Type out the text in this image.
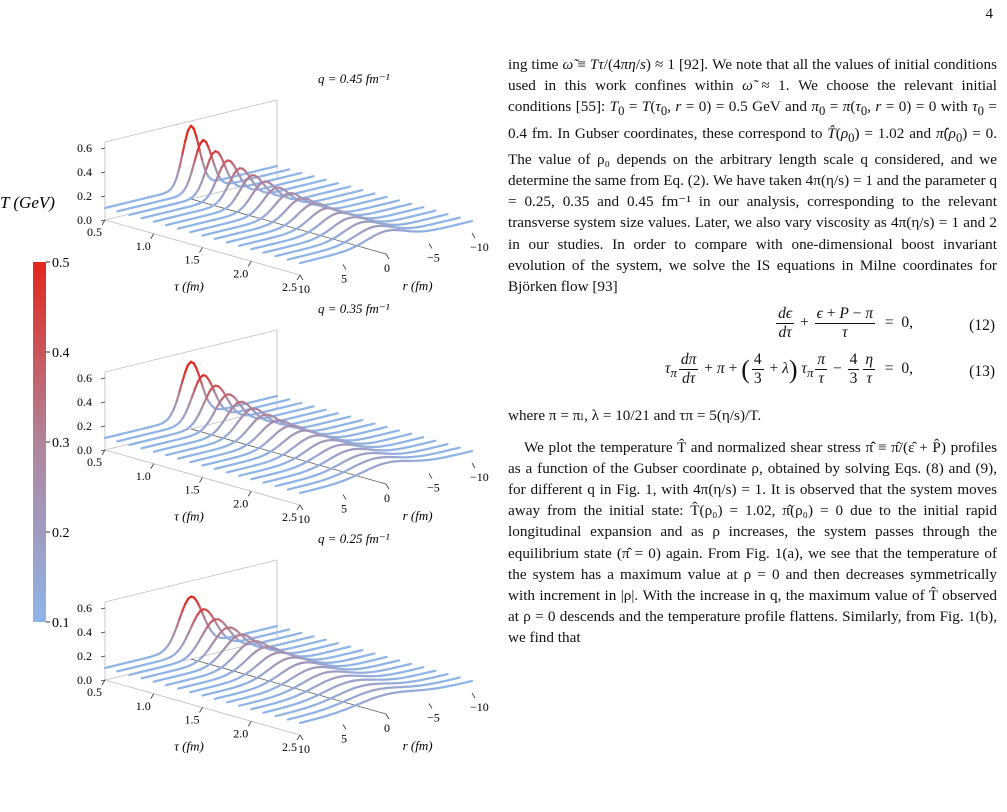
4
T (GeV)
0.5
0.4
0.3
0.2
0.1
0.0
0.2
0.4
0.6
0.5
1.0
1.5
2.0
2.5
τ (fm)	10
5
0
−5
−10
r (fm)
q = 0.45 fm⁻¹
0.0
0.2
0.4
0.6
0.5
1.0
1.5
2.0
2.5
τ (fm)	10
5
0
−5
−10
r (fm)
q = 0.35 fm⁻¹
0.0
0.2
0.4
0.6
0.5
1.0
1.5
2.0
2.5
τ (fm)	10
5
0
−5
−10
r (fm)
q = 0.25 fm⁻¹

ing time ω̃ ≡ Tτ/(4πη/s) ≈ 1 [92]. We note that all the values of initial conditions used in this work confines within ω̃ ≈ 1. We choose the relevant initial conditions [55]: $T_0 = T(\tau_0$, r = 0) = 0.5 GeV and $\pi_0 = \pi(\tau_0$, r = 0) = 0 with $\tau_0 = 0.4$ fm. In Gubser coordinates, these correspond to $T̂(\rho_0) = 1.02$ and $\pî(\rho_0) = 0$. The value of ρ₀ depends on the arbitrary length scale q considered, and we determine the same from Eq. (2). We have taken 4π(η/s) = 1 and the parameter q = 0.25, 0.35 and 0.45 fm⁻¹ in our analysis, corresponding to the relevant transverse system size values. Later, we also vary viscosity as 4π(η/s) = 1 and 2 in our studies. In order to compare with one-dimensional boost invariant evolution of the system, we solve the IS equations in Milne coordinates for Björken flow [93]

$\frac{d\epsilon}{d\tau} + \frac{\epsilon + P - \pi}{\tau} = 0$,	(12)
$\tau_\pi \frac{d\pi}{d\tau} + \pi$ + ( $\frac{4}{3} + \lambda$) $\tau_\pi \frac{\pi}{\tau} - \frac{4}{3} \frac{\eta}{\tau} = 0$,	(13)

where π = πₗ, λ = 10/21 and τπ = 5(η/s)/T.

We plot the temperature T̂ and normalized shear stress π̂̂ ≡ π̂/(ε̂ + P̂) profiles as a function of the Gubser coordinate ρ, obtained by solving Eqs. (8) and (9), for different q in Fig. 1, with 4π(η/s) = 1. It is observed that the system moves away from the initial state: T̂(ρ₀) = 1.02, π̂(ρ₀) = 0 due to the initial rapid longitudinal expansion and as ρ increases, the system passes through the equilibrium state (π̂ = 0) again. From Fig. 1(a), we see that the temperature of the system has a maximum value at ρ = 0 and then decreases symmetrically with increment in |ρ|. With the increase in q, the maximum value of T̂ observed at ρ = 0 descends and the temperature profile flattens. Similarly, from Fig. 1(b), we find that
